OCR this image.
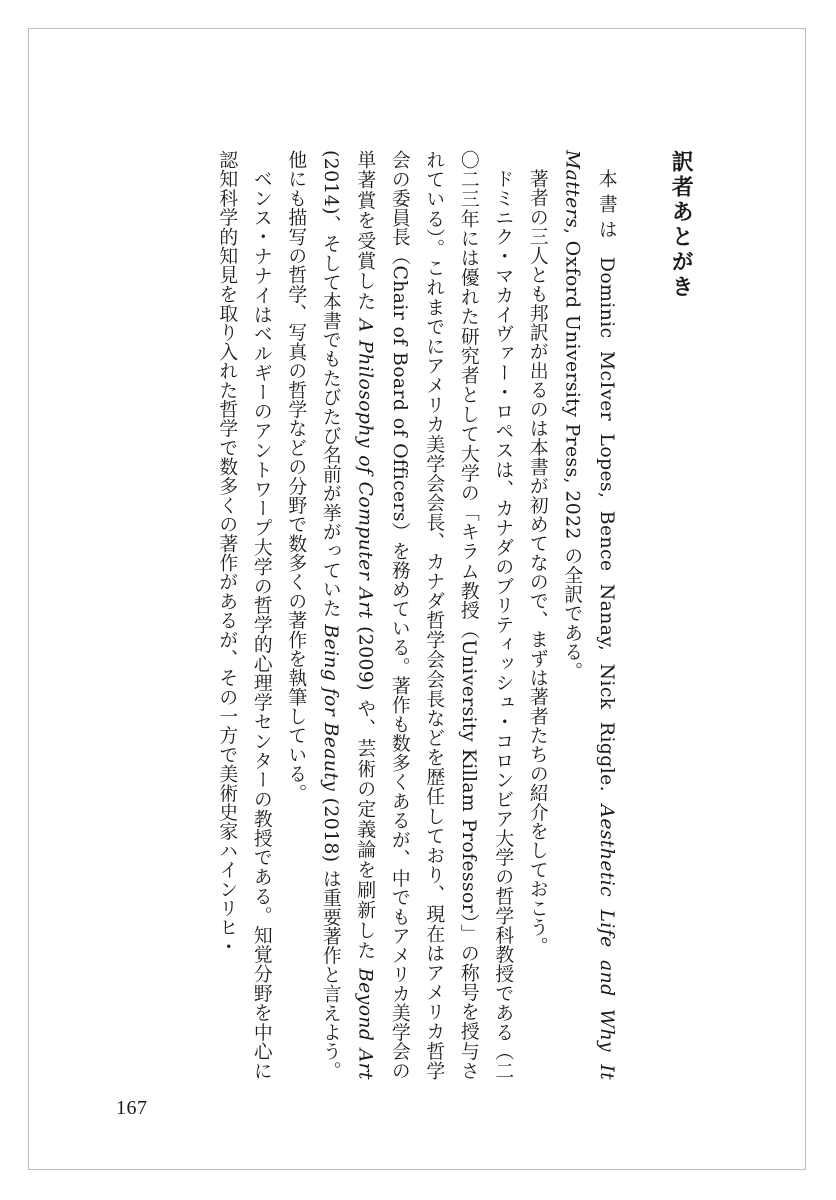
訳者あとがき

本書は Dominic McIver Lopes, Bence Nanay, Nick Riggle. Aesthetic Life and Why It Matters, Oxford University Press, 2022 の全訳である。

著者の三人とも邦訳が出るのは本書が初めてなので、まずは著者たちの紹介をしておこう。

ドミニク・マカイヴァー・ロペスは、カナダのブリティッシュ・コロンビア大学の哲学科教授である（二〇二三年には優れた研究者として大学の「キラム教授（University Killam Professor）」の称号を授与されている）。これまでにアメリカ美学会会長、カナダ哲学会会長などを歴任しており、現在はアメリカ哲学会の委員長（Chair of Board of Officers）を務めている。著作も数多くあるが、中でもアメリカ美学会の単著賞を受賞した A Philosophy of Computer Art (2009) や、芸術の定義論を刷新した Beyond Art (2014)、そして本書でもたびたび名前が挙がっていた Being for Beauty (2018) は重要著作と言えよう。他にも描写の哲学、写真の哲学などの分野で数多くの著作を執筆している。

ベンス・ナナイはベルギーのアントワープ大学の哲学的心理学センターの教授である。知覚分野を中心に認知科学的知見を取り入れた哲学で数多くの著作があるが、その一方で美術史家ハインリヒ・

167
